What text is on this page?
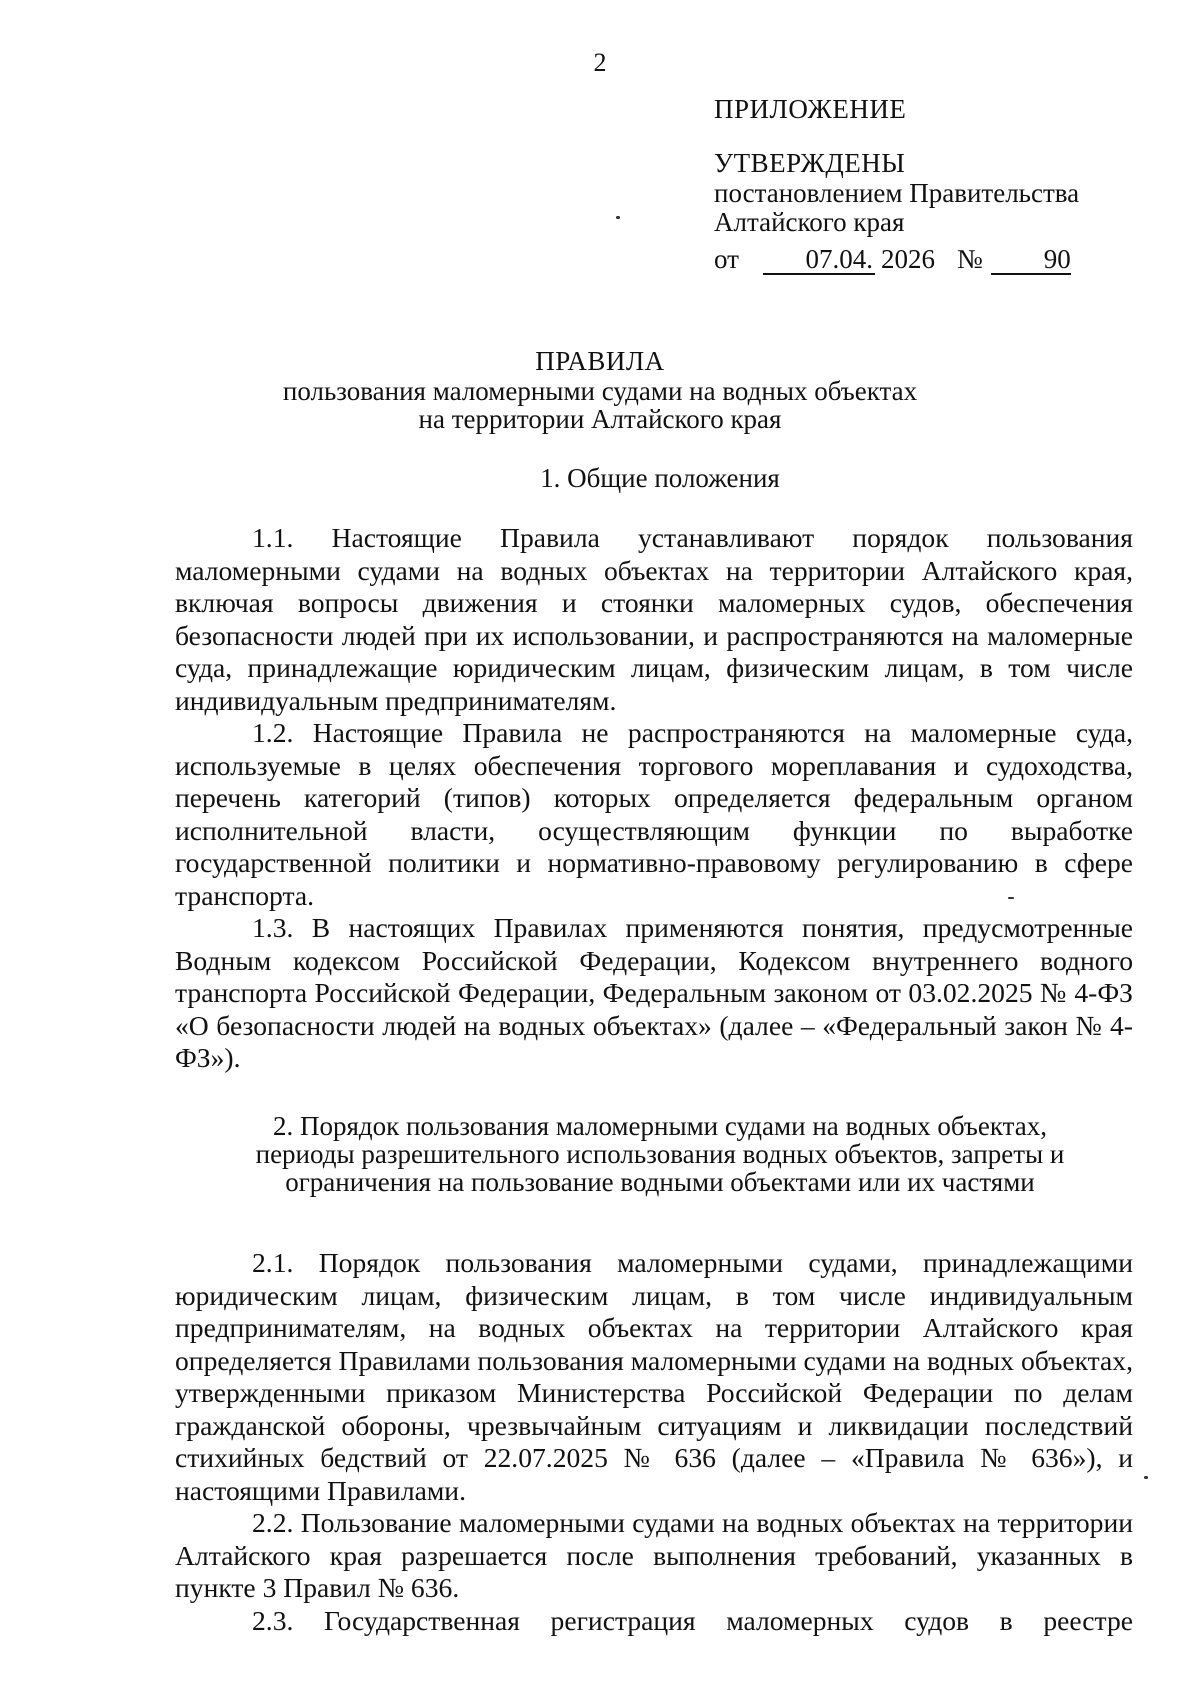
2
ПРИЛОЖЕНИЕ
УТВЕРЖДЕНЫ
постановлением Правительства
Алтайского края
от 07.04. 2026 № 90
ПРАВИЛА
пользования маломерными судами на водных объектах
на территории Алтайского края
1. Общие положения

1.1. Настоящие Правила устанавливают порядок пользования маломерными судами на водных объектах на территории Алтайского края, включая вопросы движения и стоянки маломерных судов, обеспечения безопасности людей при их использовании, и распространяются на маломерные суда, принадлежащие юридическим лицам, физическим лицам, в том числе индивидуальным предпринимателям.

1.2. Настоящие Правила не распространяются на маломерные суда, используемые в целях обеспечения торгового мореплавания и судоходства, перечень категорий (типов) которых определяется федеральным органом исполнительной власти, осуществляющим функции по выработке государственной политики и нормативно-правовому регулированию в сфере транспорта.

1.3. В настоящих Правилах применяются понятия, предусмотренные Водным кодексом Российской Федерации, Кодексом внутреннего водного транспорта Российской Федерации, Федеральным законом от 03.02.2025 № 4-ФЗ «О безопасности людей на водных объектах» (далее – «Федеральный закон № 4-ФЗ»).

2. Порядок пользования маломерными судами на водных объектах,
периоды разрешительного использования водных объектов, запреты и
ограничения на пользование водными объектами или их частями

2.1. Порядок пользования маломерными судами, принадлежащими юридическим лицам, физическим лицам, в том числе индивидуальным предпринимателям, на водных объектах на территории Алтайского края определяется Правилами пользования маломерными судами на водных объектах, утвержденными приказом Министерства Российской Федерации по делам гражданской обороны, чрезвычайным ситуациям и ликвидации последствий стихийных бедствий от 22.07.2025 № 636 (далее – «Правила № 636»), и настоящими Правилами.

2.2. Пользование маломерными судами на водных объектах на территории Алтайского края разрешается после выполнения требований, указанных в пункте 3 Правил № 636.

2.3. Государственная регистрация маломерных судов в реестре
